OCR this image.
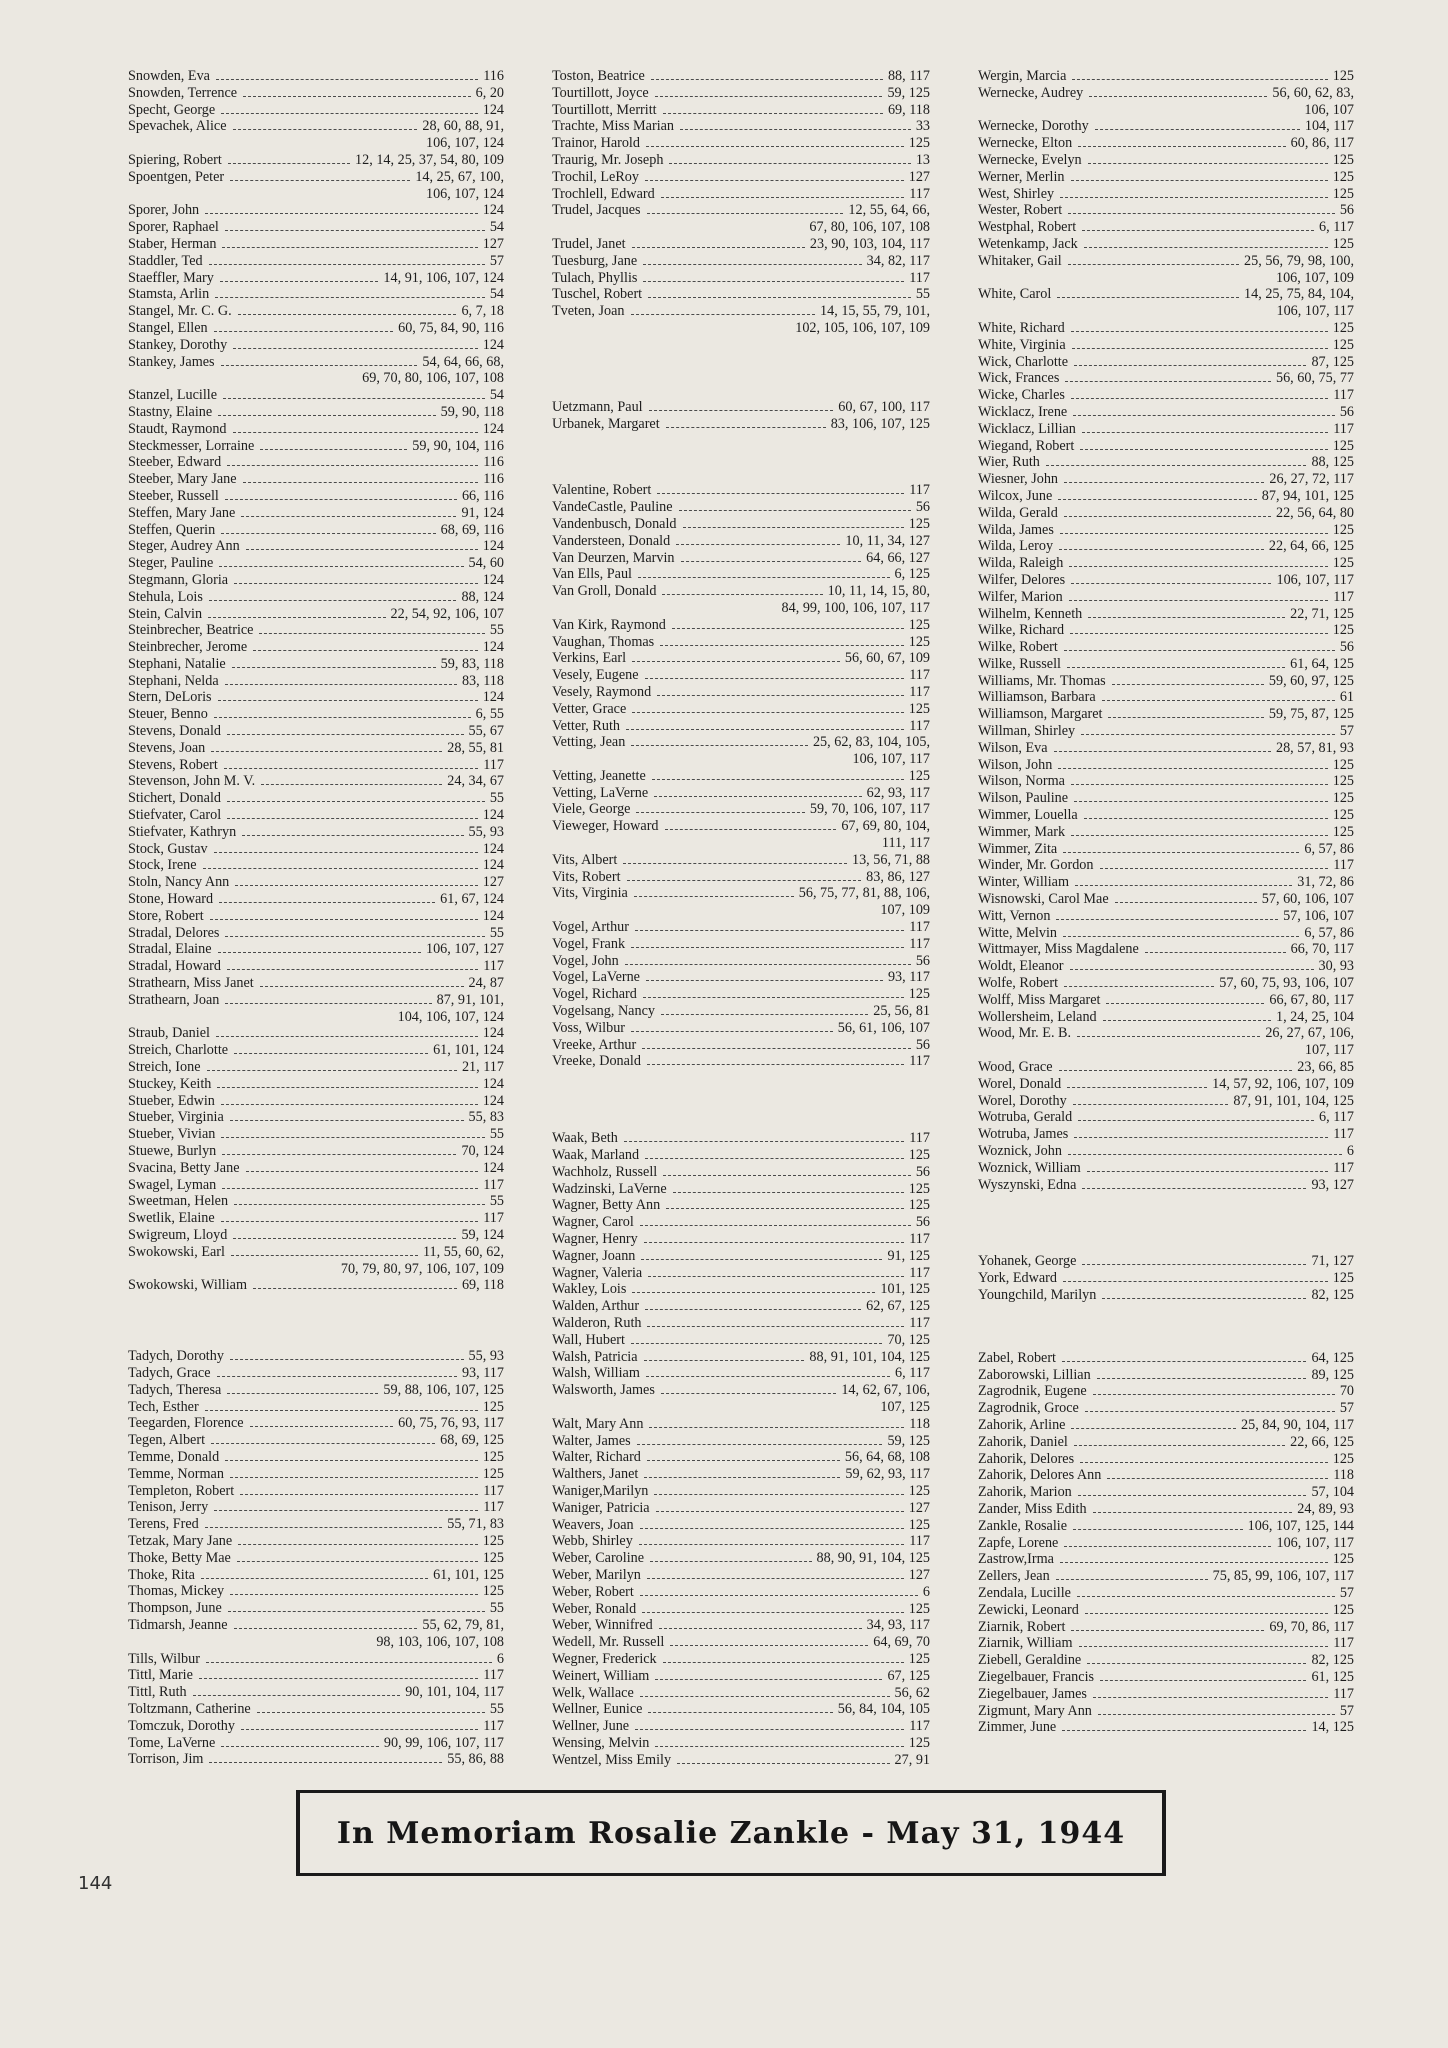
Snowden, Eva	116
Snowden, Terrence	6, 20
Specht, George	124
Spevachek, Alice	28, 60, 88, 91,
106, 107, 124
Spiering, Robert	12, 14, 25, 37, 54, 80, 109
Spoentgen, Peter	14, 25, 67, 100,
106, 107, 124
Sporer, John	124
Sporer, Raphael	54
Staber, Herman	127
Staddler, Ted	57
Staeffler, Mary	14, 91, 106, 107, 124
Stamsta, Arlin	54
Stangel, Mr. C. G.	6, 7, 18
Stangel, Ellen	60, 75, 84, 90, 116
Stankey, Dorothy	124
Stankey, James	54, 64, 66, 68,
69, 70, 80, 106, 107, 108
Stanzel, Lucille	54
Stastny, Elaine	59, 90, 118
Staudt, Raymond	124
Steckmesser, Lorraine	59, 90, 104, 116
Steeber, Edward	116
Steeber, Mary Jane	116
Steeber, Russell	66, 116
Steffen, Mary Jane	91, 124
Steffen, Querin	68, 69, 116
Steger, Audrey Ann	124
Steger, Pauline	54, 60
Stegmann, Gloria	124
Stehula, Lois	88, 124
Stein, Calvin	22, 54, 92, 106, 107
Steinbrecher, Beatrice	55
Steinbrecher, Jerome	124
Stephani, Natalie	59, 83, 118
Stephani, Nelda	83, 118
Stern, DeLoris	124
Steuer, Benno	6, 55
Stevens, Donald	55, 67
Stevens, Joan	28, 55, 81
Stevens, Robert	117
Stevenson, John M. V.	24, 34, 67
Stichert, Donald	55
Stiefvater, Carol	124
Stiefvater, Kathryn	55, 93
Stock, Gustav	124
Stock, Irene	124
Stoln, Nancy Ann	127
Stone, Howard	61, 67, 124
Store, Robert	124
Stradal, Delores	55
Stradal, Elaine	106, 107, 127
Stradal, Howard	117
Strathearn, Miss Janet	24, 87
Strathearn, Joan	87, 91, 101,
104, 106, 107, 124
Straub, Daniel	124
Streich, Charlotte	61, 101, 124
Streich, Ione	21, 117
Stuckey, Keith	124
Stueber, Edwin	124
Stueber, Virginia	55, 83
Stueber, Vivian	55
Stuewe, Burlyn	70, 124
Svacina, Betty Jane	124
Swagel, Lyman	117
Sweetman, Helen	55
Swetlik, Elaine	117
Swigreum, Lloyd	59, 124
Swokowski, Earl	11, 55, 60, 62,
70, 79, 80, 97, 106, 107, 109
Swokowski, William	69, 118
Tadych, Dorothy	55, 93
Tadych, Grace	93, 117
Tadych, Theresa	59, 88, 106, 107, 125
Tech, Esther	125
Teegarden, Florence	60, 75, 76, 93, 117
Tegen, Albert	68, 69, 125
Temme, Donald	125
Temme, Norman	125
Templeton, Robert	117
Tenison, Jerry	117
Terens, Fred	55, 71, 83
Tetzak, Mary Jane	125
Thoke, Betty Mae	125
Thoke, Rita	61, 101, 125
Thomas, Mickey	125
Thompson, June	55
Tidmarsh, Jeanne	55, 62, 79, 81,
98, 103, 106, 107, 108
Tills, Wilbur	6
Tittl, Marie	117
Tittl, Ruth	90, 101, 104, 117
Toltzmann, Catherine	55
Tomczuk, Dorothy	117
Tome, LaVerne	90, 99, 106, 107, 117
Torrison, Jim	55, 86, 88
Toston, Beatrice	88, 117
Tourtillott, Joyce	59, 125
Tourtillott, Merritt	69, 118
Trachte, Miss Marian	33
Trainor, Harold	125
Traurig, Mr. Joseph	13
Trochil, LeRoy	127
Trochlell, Edward	117
Trudel, Jacques	12, 55, 64, 66,
67, 80, 106, 107, 108
Trudel, Janet	23, 90, 103, 104, 117
Tuesburg, Jane	34, 82, 117
Tulach, Phyllis	117
Tuschel, Robert	55
Tveten, Joan	14, 15, 55, 79, 101,
102, 105, 106, 107, 109
Uetzmann, Paul	60, 67, 100, 117
Urbanek, Margaret	83, 106, 107, 125
Valentine, Robert	117
VandeCastle, Pauline	56
Vandenbusch, Donald	125
Vandersteen, Donald	10, 11, 34, 127
Van Deurzen, Marvin	64, 66, 127
Van Ells, Paul	6, 125
Van Groll, Donald	10, 11, 14, 15, 80,
84, 99, 100, 106, 107, 117
Van Kirk, Raymond	125
Vaughan, Thomas	125
Verkins, Earl	56, 60, 67, 109
Vesely, Eugene	117
Vesely, Raymond	117
Vetter, Grace	125
Vetter, Ruth	117
Vetting, Jean	25, 62, 83, 104, 105,
106, 107, 117
Vetting, Jeanette	125
Vetting, LaVerne	62, 93, 117
Viele, George	59, 70, 106, 107, 117
Vieweger, Howard	67, 69, 80, 104,
111, 117
Vits, Albert	13, 56, 71, 88
Vits, Robert	83, 86, 127
Vits, Virginia	56, 75, 77, 81, 88, 106,
107, 109
Vogel, Arthur	117
Vogel, Frank	117
Vogel, John	56
Vogel, LaVerne	93, 117
Vogel, Richard	125
Vogelsang, Nancy	25, 56, 81
Voss, Wilbur	56, 61, 106, 107
Vreeke, Arthur	56
Vreeke, Donald	117
Waak, Beth	117
Waak, Marland	125
Wachholz, Russell	56
Wadzinski, LaVerne	125
Wagner, Betty Ann	125
Wagner, Carol	56
Wagner, Henry	117
Wagner, Joann	91, 125
Wagner, Valeria	117
Wakley, Lois	101, 125
Walden, Arthur	62, 67, 125
Walderon, Ruth	117
Wall, Hubert	70, 125
Walsh, Patricia	88, 91, 101, 104, 125
Walsh, William	6, 117
Walsworth, James	14, 62, 67, 106,
107, 125
Walt, Mary Ann	118
Walter, James	59, 125
Walter, Richard	56, 64, 68, 108
Walthers, Janet	59, 62, 93, 117
Waniger,Marilyn	125
Waniger, Patricia	127
Weavers, Joan	125
Webb, Shirley	117
Weber, Caroline	88, 90, 91, 104, 125
Weber, Marilyn	127
Weber, Robert	6
Weber, Ronald	125
Weber, Winnifred	34, 93, 117
Wedell, Mr. Russell	64, 69, 70
Wegner, Frederick	125
Weinert, William	67, 125
Welk, Wallace	56, 62
Wellner, Eunice	56, 84, 104, 105
Wellner, June	117
Wensing, Melvin	125
Wentzel, Miss Emily	27, 91
Wergin, Marcia	125
Wernecke, Audrey	56, 60, 62, 83,
106, 107
Wernecke, Dorothy	104, 117
Wernecke, Elton	60, 86, 117
Wernecke, Evelyn	125
Werner, Merlin	125
West, Shirley	125
Wester, Robert	56
Westphal, Robert	6, 117
Wetenkamp, Jack	125
Whitaker, Gail	25, 56, 79, 98, 100,
106, 107, 109
White, Carol	14, 25, 75, 84, 104,
106, 107, 117
White, Richard	125
White, Virginia	125
Wick, Charlotte	87, 125
Wick, Frances	56, 60, 75, 77
Wicke, Charles	117
Wicklacz, Irene	56
Wicklacz, Lillian	117
Wiegand, Robert	125
Wier, Ruth	88, 125
Wiesner, John	26, 27, 72, 117
Wilcox, June	87, 94, 101, 125
Wilda, Gerald	22, 56, 64, 80
Wilda, James	125
Wilda, Leroy	22, 64, 66, 125
Wilda, Raleigh	125
Wilfer, Delores	106, 107, 117
Wilfer, Marion	117
Wilhelm, Kenneth	22, 71, 125
Wilke, Richard	125
Wilke, Robert	56
Wilke, Russell	61, 64, 125
Williams, Mr. Thomas	59, 60, 97, 125
Williamson, Barbara	61
Williamson, Margaret	59, 75, 87, 125
Willman, Shirley	57
Wilson, Eva	28, 57, 81, 93
Wilson, John	125
Wilson, Norma	125
Wilson, Pauline	125
Wimmer, Louella	125
Wimmer, Mark	125
Wimmer, Zita	6, 57, 86
Winder, Mr. Gordon	117
Winter, William	31, 72, 86
Wisnowski, Carol Mae	57, 60, 106, 107
Witt, Vernon	57, 106, 107
Witte, Melvin	6, 57, 86
Wittmayer, Miss Magdalene	66, 70, 117
Woldt, Eleanor	30, 93
Wolfe, Robert	57, 60, 75, 93, 106, 107
Wolff, Miss Margaret	66, 67, 80, 117
Wollersheim, Leland	1, 24, 25, 104
Wood, Mr. E. B.	26, 27, 67, 106,
107, 117
Wood, Grace	23, 66, 85
Worel, Donald	14, 57, 92, 106, 107, 109
Worel, Dorothy	87, 91, 101, 104, 125
Wotruba, Gerald	6, 117
Wotruba, James	117
Woznick, John	6
Woznick, William	117
Wyszynski, Edna	93, 127
Yohanek, George	71, 127
York, Edward	125
Youngchild, Marilyn	82, 125
Zabel, Robert	64, 125
Zaborowski, Lillian	89, 125
Zagrodnik, Eugene	70
Zagrodnik, Groce	57
Zahorik, Arline	25, 84, 90, 104, 117
Zahorik, Daniel	22, 66, 125
Zahorik, Delores	125
Zahorik, Delores Ann	118
Zahorik, Marion	57, 104
Zander, Miss Edith	24, 89, 93
Zankle, Rosalie	106, 107, 125, 144
Zapfe, Lorene	106, 107, 117
Zastrow,Irma	125
Zellers, Jean	75, 85, 99, 106, 107, 117
Zendala, Lucille	57
Zewicki, Leonard	125
Ziarnik, Robert	69, 70, 86, 117
Ziarnik, William	117
Ziebell, Geraldine	82, 125
Ziegelbauer, Francis	61, 125
Ziegelbauer, James	117
Zigmunt, Mary Ann	57
Zimmer, June	14, 125
In Memoriam Rosalie Zankle - May 31, 1944
144
